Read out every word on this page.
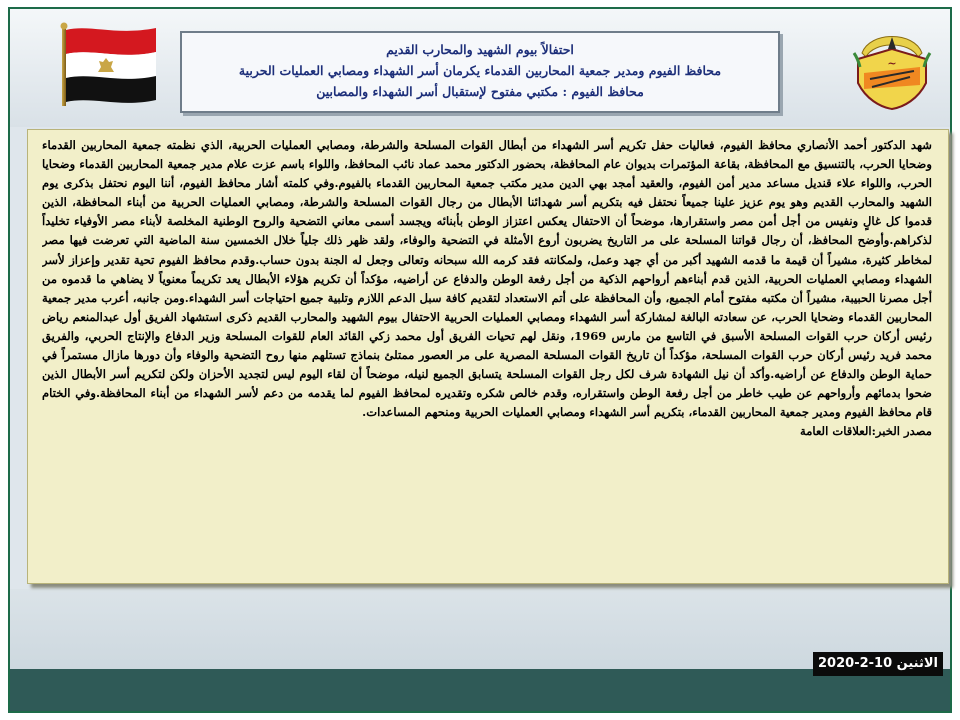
~
احتفالاً بيوم الشهيد والمحارب القديم
محافظ الفيوم ومدير جمعية المحاربين القدماء يكرمان أسر الشهداء ومصابي العمليات الحربية
محافظ الفيوم : مكتبي مفتوح لإستقبال أسر الشهداء والمصابين

شهد الدكتور أحمد الأنصاري محافظ الفيوم، فعاليات حفل تكريم أسر الشهداء من أبطال القوات المسلحة والشرطة، ومصابي العمليات الحربية، الذي نظمته جمعية المحاربين القدماء وضحايا الحرب، بالتنسيق مع المحافظة، بقاعة المؤتمرات بديوان عام المحافظة، بحضور الدكتور محمد عماد نائب المحافظ، واللواء باسم عزت علام مدير جمعية المحاربين القدماء وضحايا الحرب، واللواء علاء قنديل مساعد مدير أمن الفيوم، والعقيد أمجد بهي الدين مدير مكتب جمعية المحاربين القدماء بالفيوم.وفي كلمته أشار محافظ الفيوم، أننا اليوم نحتفل بذكرى يوم الشهيد والمحارب القديم وهو يوم عزيز علينا جميعاً نحتفل فيه بتكريم أسر شهدائنا الأبطال من رجال القوات المسلحة والشرطة، ومصابي العمليات الحربية من أبناء المحافظة، الذين قدموا كل غالٍ ونفيس من أجل أمن مصر واستقرارها، موضحاً أن الاحتفال يعكس اعتزاز الوطن بأبنائه ويجسد أسمى معاني التضحية والروح الوطنية المخلصة لأبناء مصر الأوفياء تخليداً لذكراهم.وأوضح المحافظ، أن رجال قواتنا المسلحة على مر التاريخ يضربون أروع الأمثلة في التضحية والوفاء، ولقد ظهر ذلك جلياً خلال الخمسين سنة الماضية التي تعرضت فيها مصر لمخاطر كثيرة، مشيراً أن قيمة ما قدمه الشهيد أكبر من أي جهد وعمل، ولمكانته فقد كرمه الله سبحانه وتعالى وجعل له الجنة بدون حساب.وقدم محافظ الفيوم تحية تقدير وإعزاز لأسر الشهداء ومصابي العمليات الحربية، الذين قدم أبناءهم أرواحهم الذكية من أجل رفعة الوطن والدفاع عن أراضيه، مؤكداً أن تكريم هؤلاء الأبطال يعد تكريماً معنوياً لا يضاهي ما قدموه من أجل مصرنا الحبيبة، مشيراً أن مكتبه مفتوح أمام الجميع، وأن المحافظة على أتم الاستعداد لتقديم كافة سبل الدعم اللازم وتلبية جميع احتياجات أسر الشهداء.ومن جانبه، أعرب مدير جمعية المحاربين القدماء وضحايا الحرب، عن سعادته البالغة لمشاركة أسر الشهداء ومصابي العمليات الحربية الاحتفال بيوم الشهيد والمحارب القديم ذكرى استشهاد الفريق أول عبدالمنعم رياض رئيس أركان حرب القوات المسلحة الأسبق في التاسع من مارس 1969، ونقل لهم تحيات الفريق أول محمد زكي القائد العام للقوات المسلحة وزير الدفاع والإنتاج الحربي، والفريق محمد فريد رئيس أركان حرب القوات المسلحة، مؤكداً أن تاريخ القوات المسلحة المصرية على مر العصور ممتلئ بنماذج تستلهم منها روح التضحية والوفاء وأن دورها مازال مستمراً في حماية الوطن والدفاع عن أراضيه.وأكد أن نيل الشهادة شرف لكل رجل القوات المسلحة يتسابق الجميع لنيله، موضحاً أن لقاء اليوم ليس لتجديد الأحزان ولكن لتكريم أسر الأبطال الذين ضحوا بدمائهم وأرواحهم عن طيب خاطر من أجل رفعة الوطن واستقراره، وقدم خالص شكره وتقديره لمحافظ الفيوم لما يقدمه من دعم لأسر الشهداء من أبناء المحافظة.وفي الختام قام محافظ الفيوم ومدير جمعية المحاربين القدماء، بتكريم أسر الشهداء ومصابي العمليات الحربية ومنحهم المساعدات.

مصدر الخبر:العلاقات العامة

الاثنين 10-2-2020
